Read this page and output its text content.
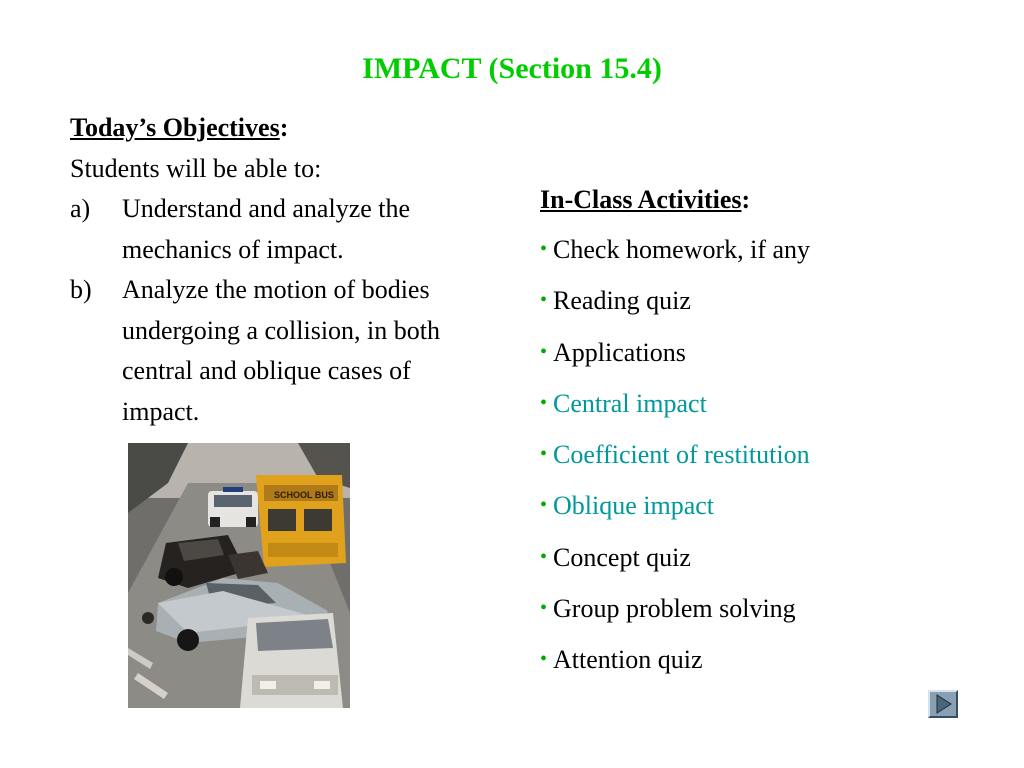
IMPACT (Section 15.4)
Today’s Objectives:
Students will be able to:
a)	Understand and analyze the mechanics of impact.
b)	Analyze the motion of bodies undergoing a collision, in both central and oblique cases of impact.
In-Class Activities:
• Check homework, if any
• Reading quiz
• Applications
• Central impact
• Coefficient of restitution
• Oblique impact
• Concept quiz
• Group problem solving
• Attention quiz
SCHOOL BUS
